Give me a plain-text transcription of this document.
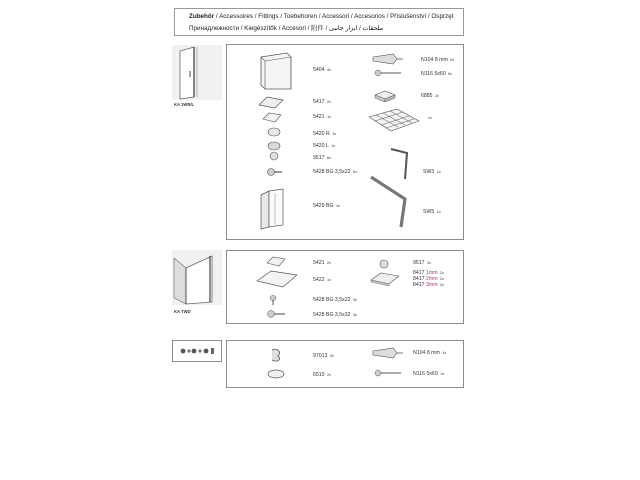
Zubehör / Accessoires / Fittings / Toebehoren / Accessori / Accesorios / Příslušenství / Osprzęt
Принадлежности / Kiegészítők / Accesori / 附件 / ملحقات / ابزار جانبی
KA 1WR/L
KA TWD
5404 4x
5417 2x
5421 1x
5420 R 1x
5420 L 1x
9517 6x
5428 BG 3,5x22 6x
5429 BG 1x
N104 8 mm 6x
N116 5x60 6x
6885 2x
1x
SW3 1x
SW5 1x
5421 2x
5422 1x
5428 BG 3,5x22 3x
5428 BG 3,5x32 3x
9517 3x
8417 1mm 2x
8417 2mm 2x
8417 3mm 2x
97013 3x
6510 2x
N104 8 mm 1x
N116 5x60 1x
